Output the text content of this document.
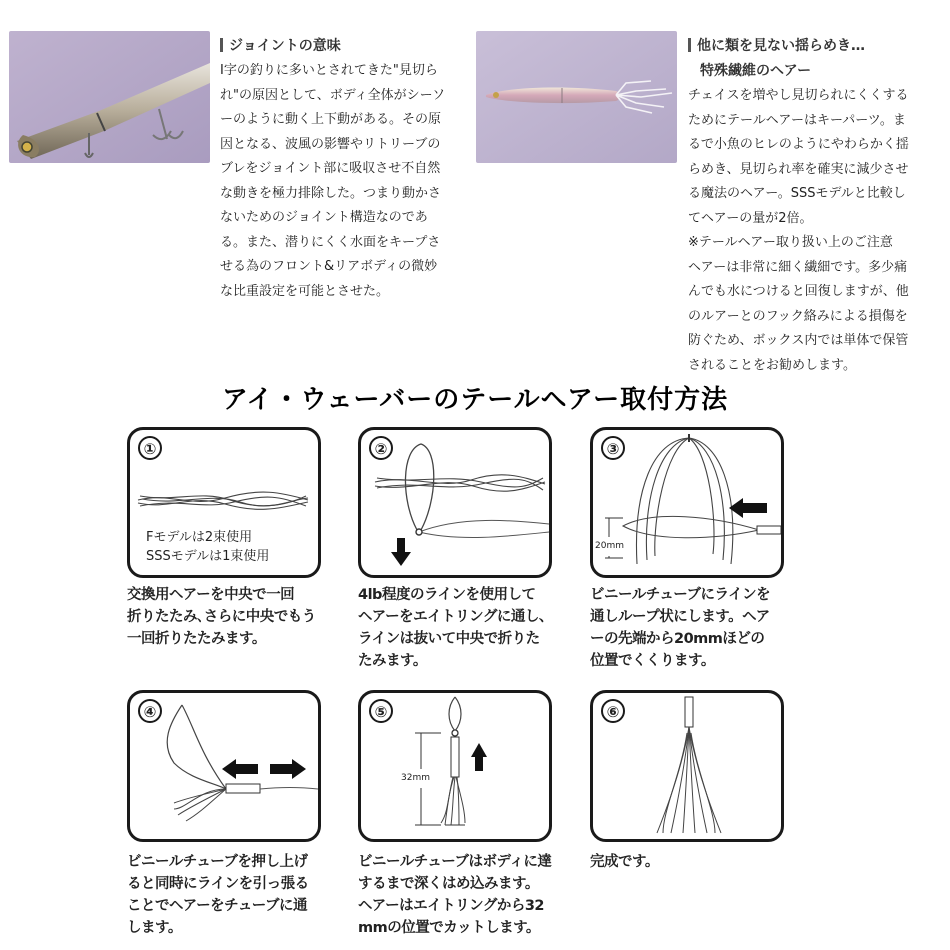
ジョイントの意味

I字の釣りに多いとされてきた"見切ら

れ"の原因として、ボディ全体がシーソ

ーのように動く上下動がある。その原

因となる、波風の影響やリトリーブの

ブレをジョイント部に吸収させ不自然

な動きを極力排除した。つまり動かさ

ないためのジョイント構造なのであ

る。また、潜りにくく水面をキープさ

せる為のフロント&リアボディの微妙

な比重設定を可能とさせた。

他に類を見ない揺らめき…
特殊繊維のヘアー

チェイスを増やし見切られにくくする

ためにテールヘアーはキーパーツ。ま

るで小魚のヒレのようにやわらかく揺

らめき、見切られ率を確実に減少させ

る魔法のヘアー。SSSモデルと比較し

てヘアーの量が2倍。

※テールヘアー取り扱い上のご注意

ヘアーは非常に細く繊細です。多少痛

んでも水につけると回復しますが、他

のルアーとのフック絡みによる損傷を

防ぐため、ボックス内では単体で保管

されることをお勧めします。

アイ・ウェーバーのテールヘアー取付方法
①
Fモデルは2束使用
SSSモデルは1束使用
②	③
20mm
交換用ヘアーを中央で一回
折りたたみ､さらに中央でもう
一回折りたたみます。
4lb程度のラインを使用して
ヘアーをエイトリングに通し、
ラインは抜いて中央で折りた
たみます。
ビニールチューブにラインを
通しループ状にします。ヘア
ーの先端から20mmほどの
位置でくくります。
④	⑤
32mm
⑥
ビニールチューブを押し上げ
ると同時にラインを引っ張る
ことでヘアーをチューブに通
します。
ビニールチューブはボディに達
するまで深くはめ込みます。
ヘアーはエイトリングから32
mmの位置でカットします。
完成です。
